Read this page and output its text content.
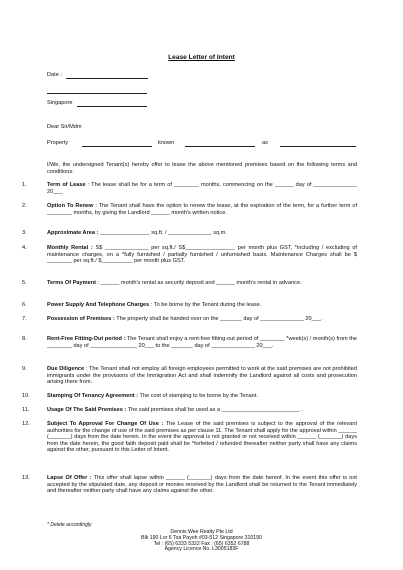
Lease Letter of Intent
Date :
Singapore
Dear Sir/Mdm
Property	known	as

I/We, the undersigned Tenant(s) hereby offer to lease the above mentioned premises based on the following terms and conditions:

1.	Term of Lease : The lease shall be for a term of ________ months, commencing on the ______ day of ______________ 20___

2.	Option To Renew : The Tenant shall have the option to renew the lease, at the expiration of the term, for a further term of ________ months, by giving the Landlord ______ month's written notice.

3.	Approximate Area : ________________ sq.ft. / ______________ sq.m.

4.	Monthly Rental : S$ ______________ per sq.ft./ S$________________ per month plus GST, *including / excluding of maintenance charges, on a *fully furnished / partially furnished / unfurnished basis. Maintenance Charges shall be $ ________ per sq.ft./ $__________ per month plus GST.

5.	Terms Of Payment : ______ month's rental as security deposit and ______ month's rental in advance.

6.	Power Supply And Telephone Charges : To be borne by the Tenant during the lease.

7.	Possession of Premises : The property shall be handed over on the _______ day of ______________ 20___.

8.	Rent-Free Fitting-Out period : The Tenant shall enjoy a rent-free fitting-out period of ________ *week(s) / month(s) from the ________ day of _______________ 20___ to the _______ day of ______________ 20___.

9.	Due Diligence : The Tenant shall not employ all foreign employees permitted to work at the said premises are not prohibited immigrants under the provisions of the Immigration Act and shall indemnify the Landlord against all costs and prosecution arising there from.

10.	Stamping Of Tenancy Agreement : The cost of stamping to be borne by the Tenant.

11.	Usage Of The Said Premises : The said premises shall be used as a _________________________ .

12.	Subject To Approval For Change Of Use : The Lease of the said premises is subject to the approval of the relevant authorities for the change of use of the said premises as per clause 11. The Tenant shall apply for the approval within ______ (_______) days from the date herein. In the event the approval is not granted or not received within ______ (_______) days from the date herein, the good faith deposit paid shall be *forfeited / refunded thereafter neither party shall have any claims against the other, pursuant to this Letter of Intent.

13.	Lapse Of Offer : This offer shall lapse within ______ (_______) days from the date hereof. In the event this offer is not accepted by the stipulated date, any deposit or monies received by the Landlord shall be returned to the Tenant immediately and thereafter neither party shall have any claims against the other.

* Delete accordingly
Dennis Wee Realty Pte Ltd
Blk 190 Lor 6 Toa Payoh #03-512 Singapore 310190
Tel : (65) 6333 5322 Fax : (65) 6352 6788
Agency Licence No. L3005183F
